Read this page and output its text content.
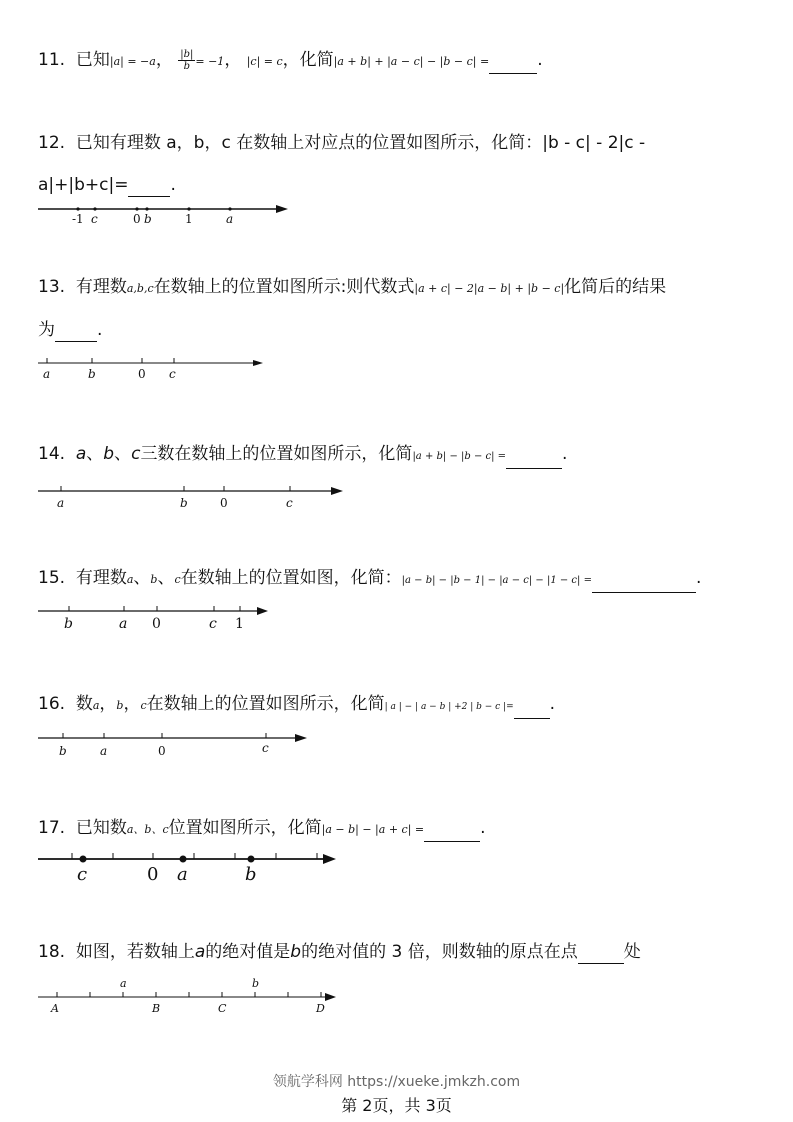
11. 已知|a| = −a， $\frac{|b|}{b} = -1$， |c| = c，化简|a + b| + |a − c| − |b − c| =	.
12. 已知有理数 a，b，c 在数轴上对应点的位置如图所示，化简：|b - c| - 2|c -
a|+|b+c|= .
-1 c	0 b	1	a
13. 有理数a,b,c在数轴上的位置如图所示:则代数式|a + c| − 2|a − b| + |b − c|化简后的结果
为 .
a	b	0 c
14. a、b、c三数在数轴上的位置如图所示，化简|a + b| − |b − c| =	.
a	b	0	c
15. 有理数a、b、c在数轴上的位置如图，化简：|a − b| − |b − 1| − |a − c| − |1 − c| =	.
b	a 0	c 1
16. 数a，b，c在数轴上的位置如图所示，化简| a | − | a − b | +2 | b − c |= .
b	a	0	c
17. 已知数a、b、c位置如图所示，化简|a − b| − |a + c| =	.
c	0 a	b
18. 如图，若数轴上a的绝对值是b的绝对值的 3 倍，则数轴的原点在点	处
a	b
A	B	C	D
领航学科网 https://xueke.jmkzh.com
第 2页，共 3页
